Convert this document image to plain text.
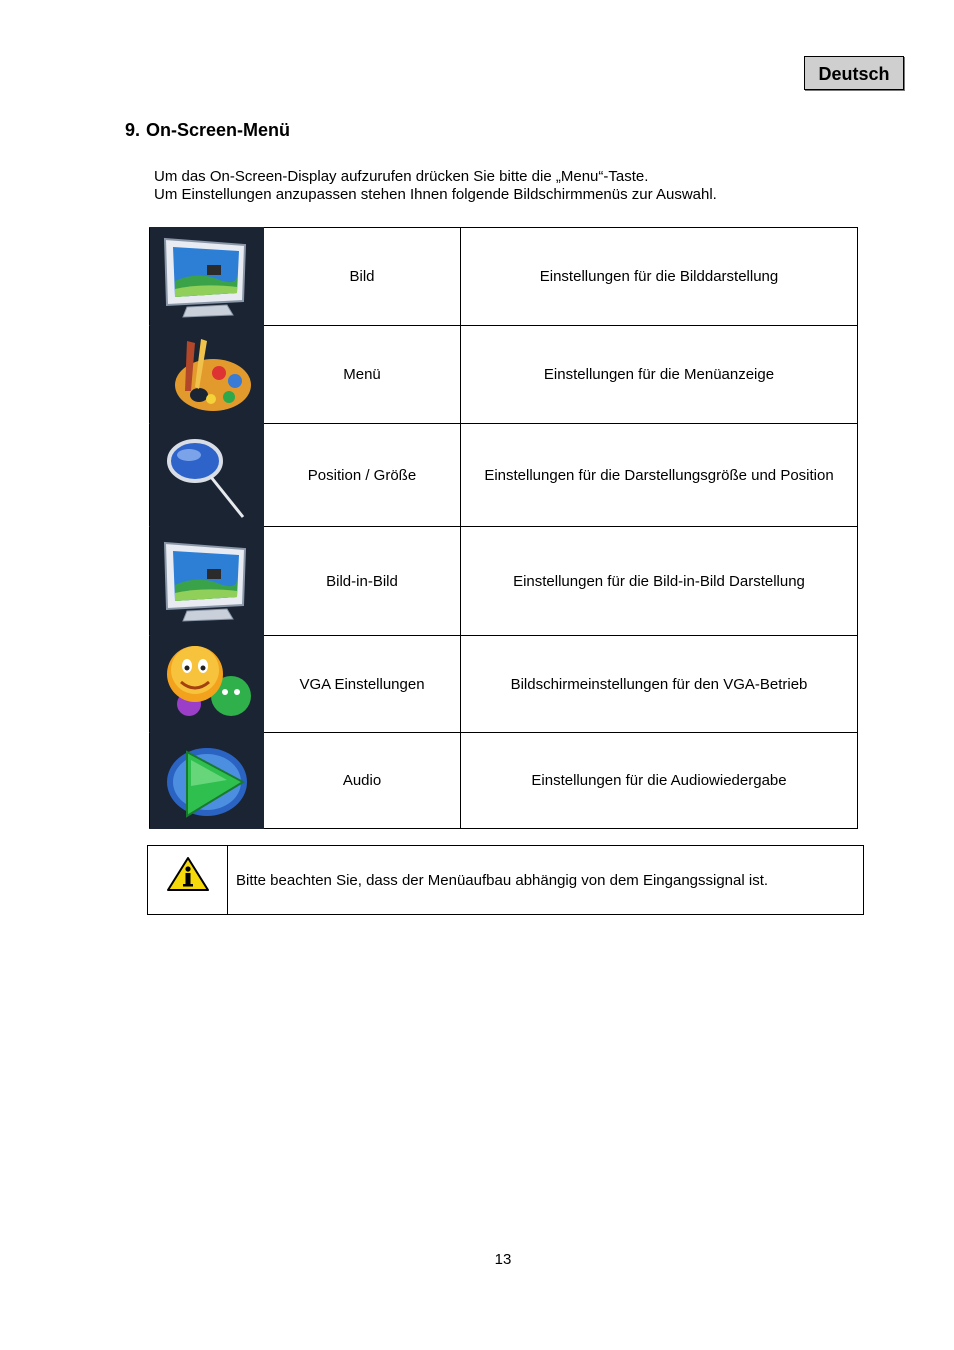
Deutsch
9. On-Screen-Menü
Um das On-Screen-Display aufzurufen drücken Sie bitte die „Menu“-Taste.
Um Einstellungen anzupassen stehen Ihnen folgende Bildschirmmenüs zur Auswahl.
	Bild	Einstellungen für die Bilddarstellung

	Menü	Einstellungen für die Menüanzeige

	Position / Größe	Einstellungen für die Darstellungsgröße und Position

	Bild-in-Bild	Einstellungen für die Bild-in-Bild Darstellung

	VGA Einstellungen	Bildschirmeinstellungen für den VGA-Betrieb

	Audio	Einstellungen für die Audiowiedergabe
Bitte beachten Sie, dass der Menüaufbau abhängig von dem Eingangssignal ist.
13
